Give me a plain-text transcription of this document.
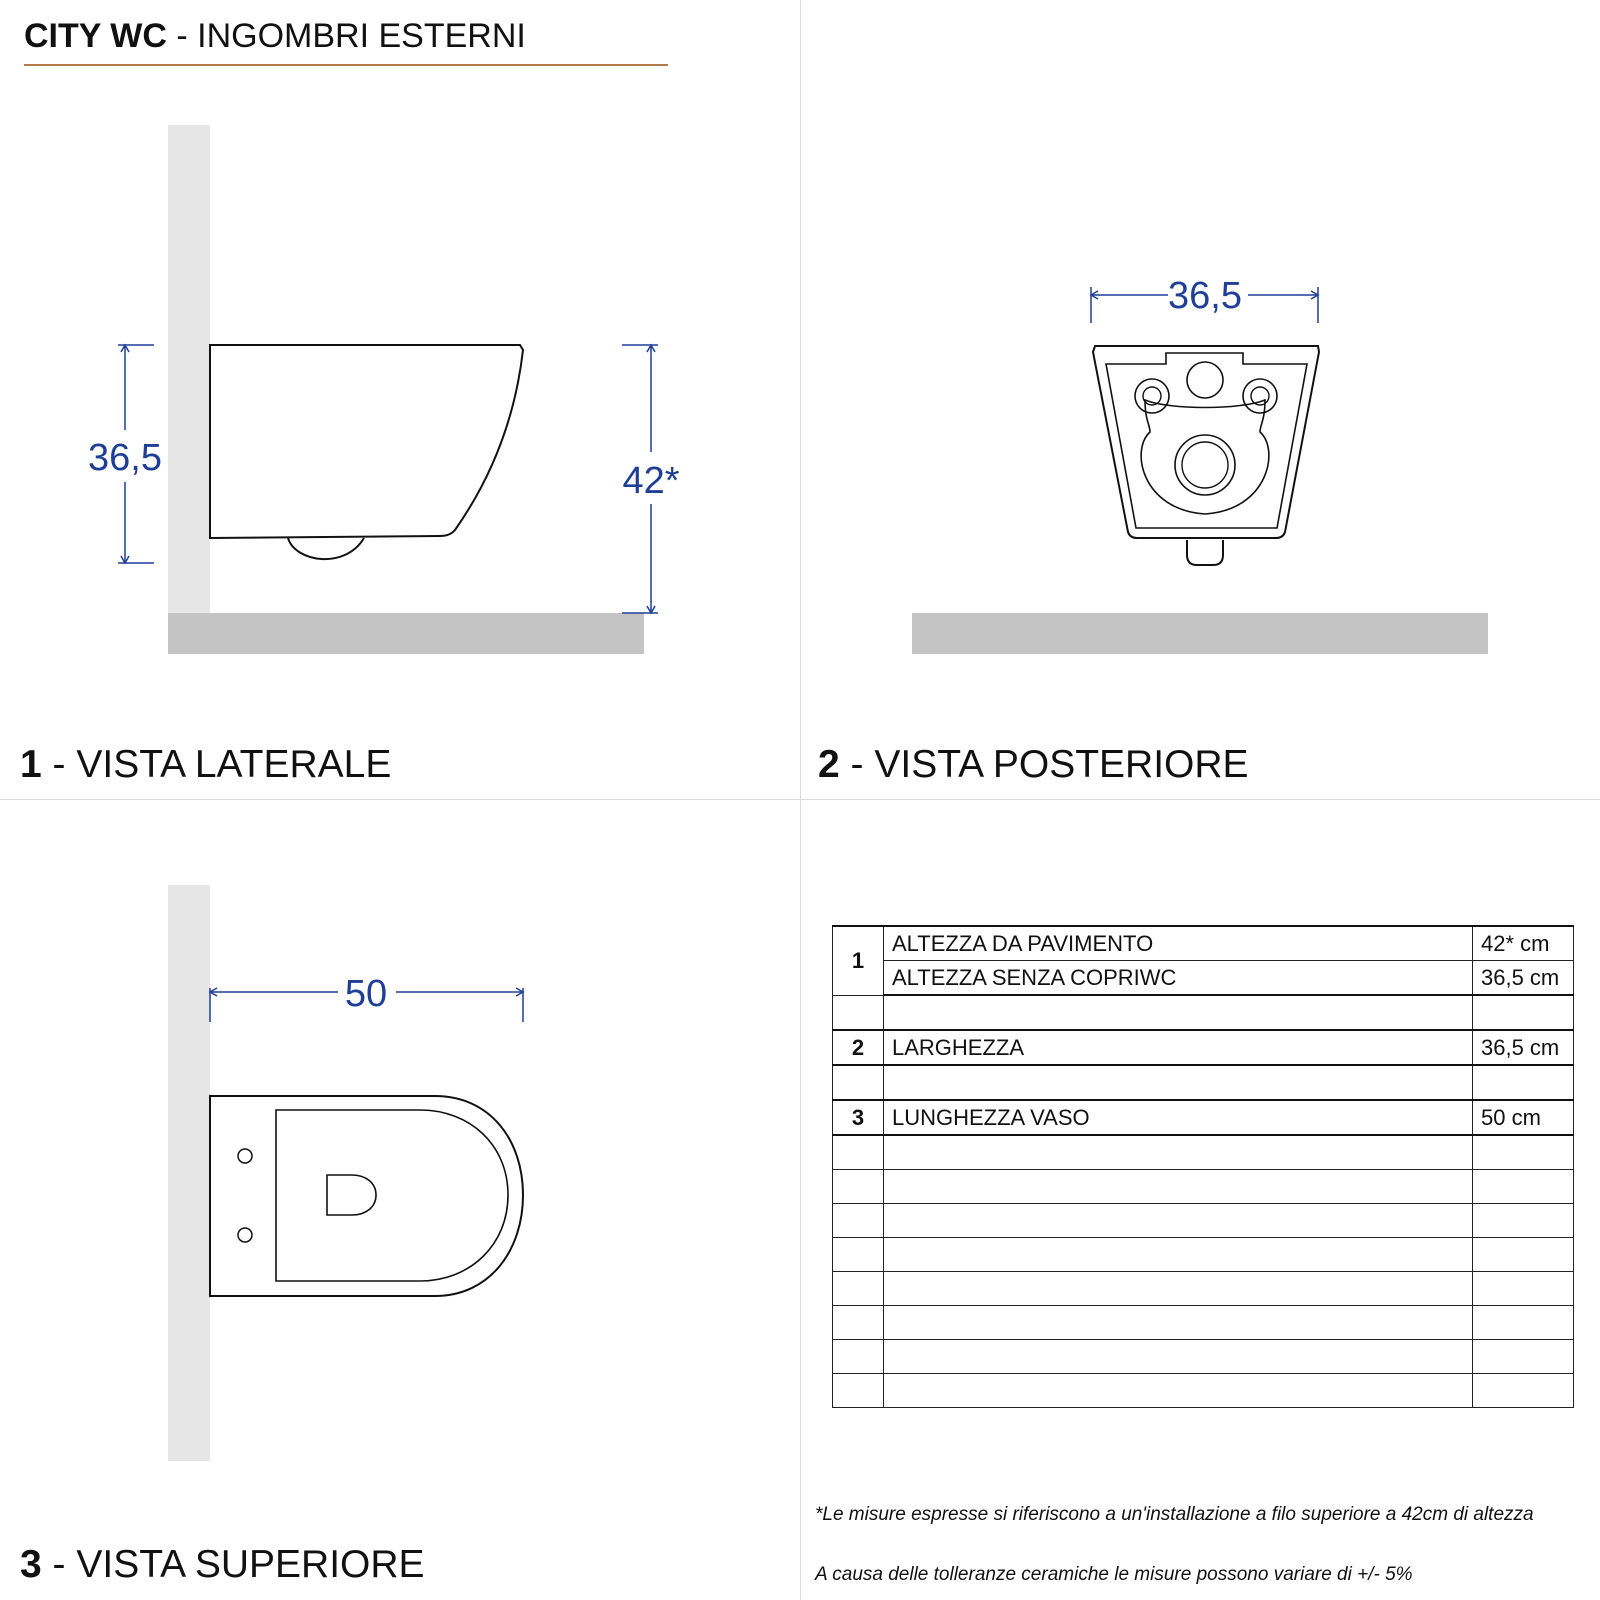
CITY WC - INGOMBRI ESTERNI
36,5
42*
1 - VISTA LATERALE
36,5
2 - VISTA POSTERIORE
50
3 - VISTA SUPERIORE
1	ALTEZZA DA PAVIMENTO	42* cm
	ALTEZZA SENZA COPRIWC	36,5 cm

2	LARGHEZZA	36,5 cm

3	LUNGHEZZA VASO	50 cm

*Le misure espresse si riferiscono a un'installazione a filo superiore a 42cm di altezza
A causa delle tolleranze ceramiche le misure possono variare di +/- 5%
